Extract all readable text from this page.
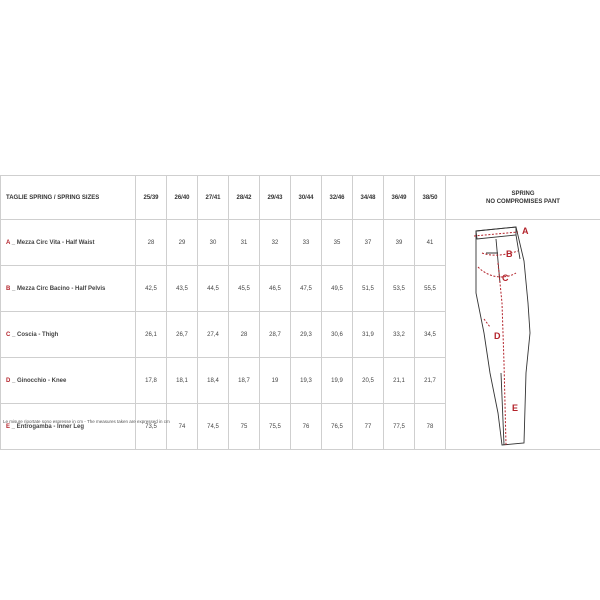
TAGLIE SPRING / SPRING SIZES	25/39	26/40	27/41	28/42	29/43	30/44	32/46	34/48	36/49	38/50	SPRING
NO COMPROMISES PANT

A _ Mezza Circ Vita - Half Waist	28	29	30	31	32	33	35	37	39	41	A
B
C
D
E

B _ Mezza Circ Bacino - Half Pelvis	42,5	43,5	44,5	45,5	46,5	47,5	49,5	51,5	53,5	55,5	
C _ Coscia - Thigh	26,1	26,7	27,4	28	28,7	29,3	30,6	31,9	33,2	34,5	
D _ Ginocchio - Knee	17,8	18,1	18,4	18,7	19	19,3	19,9	20,5	21,1	21,7	
E _ Entrogamba - Inner Leg	73,5	74	74,5	75	75,5	76	76,5	77	77,5	78	
Le misure riportate sono espresse in cm - The measures taken are expressed in cm
